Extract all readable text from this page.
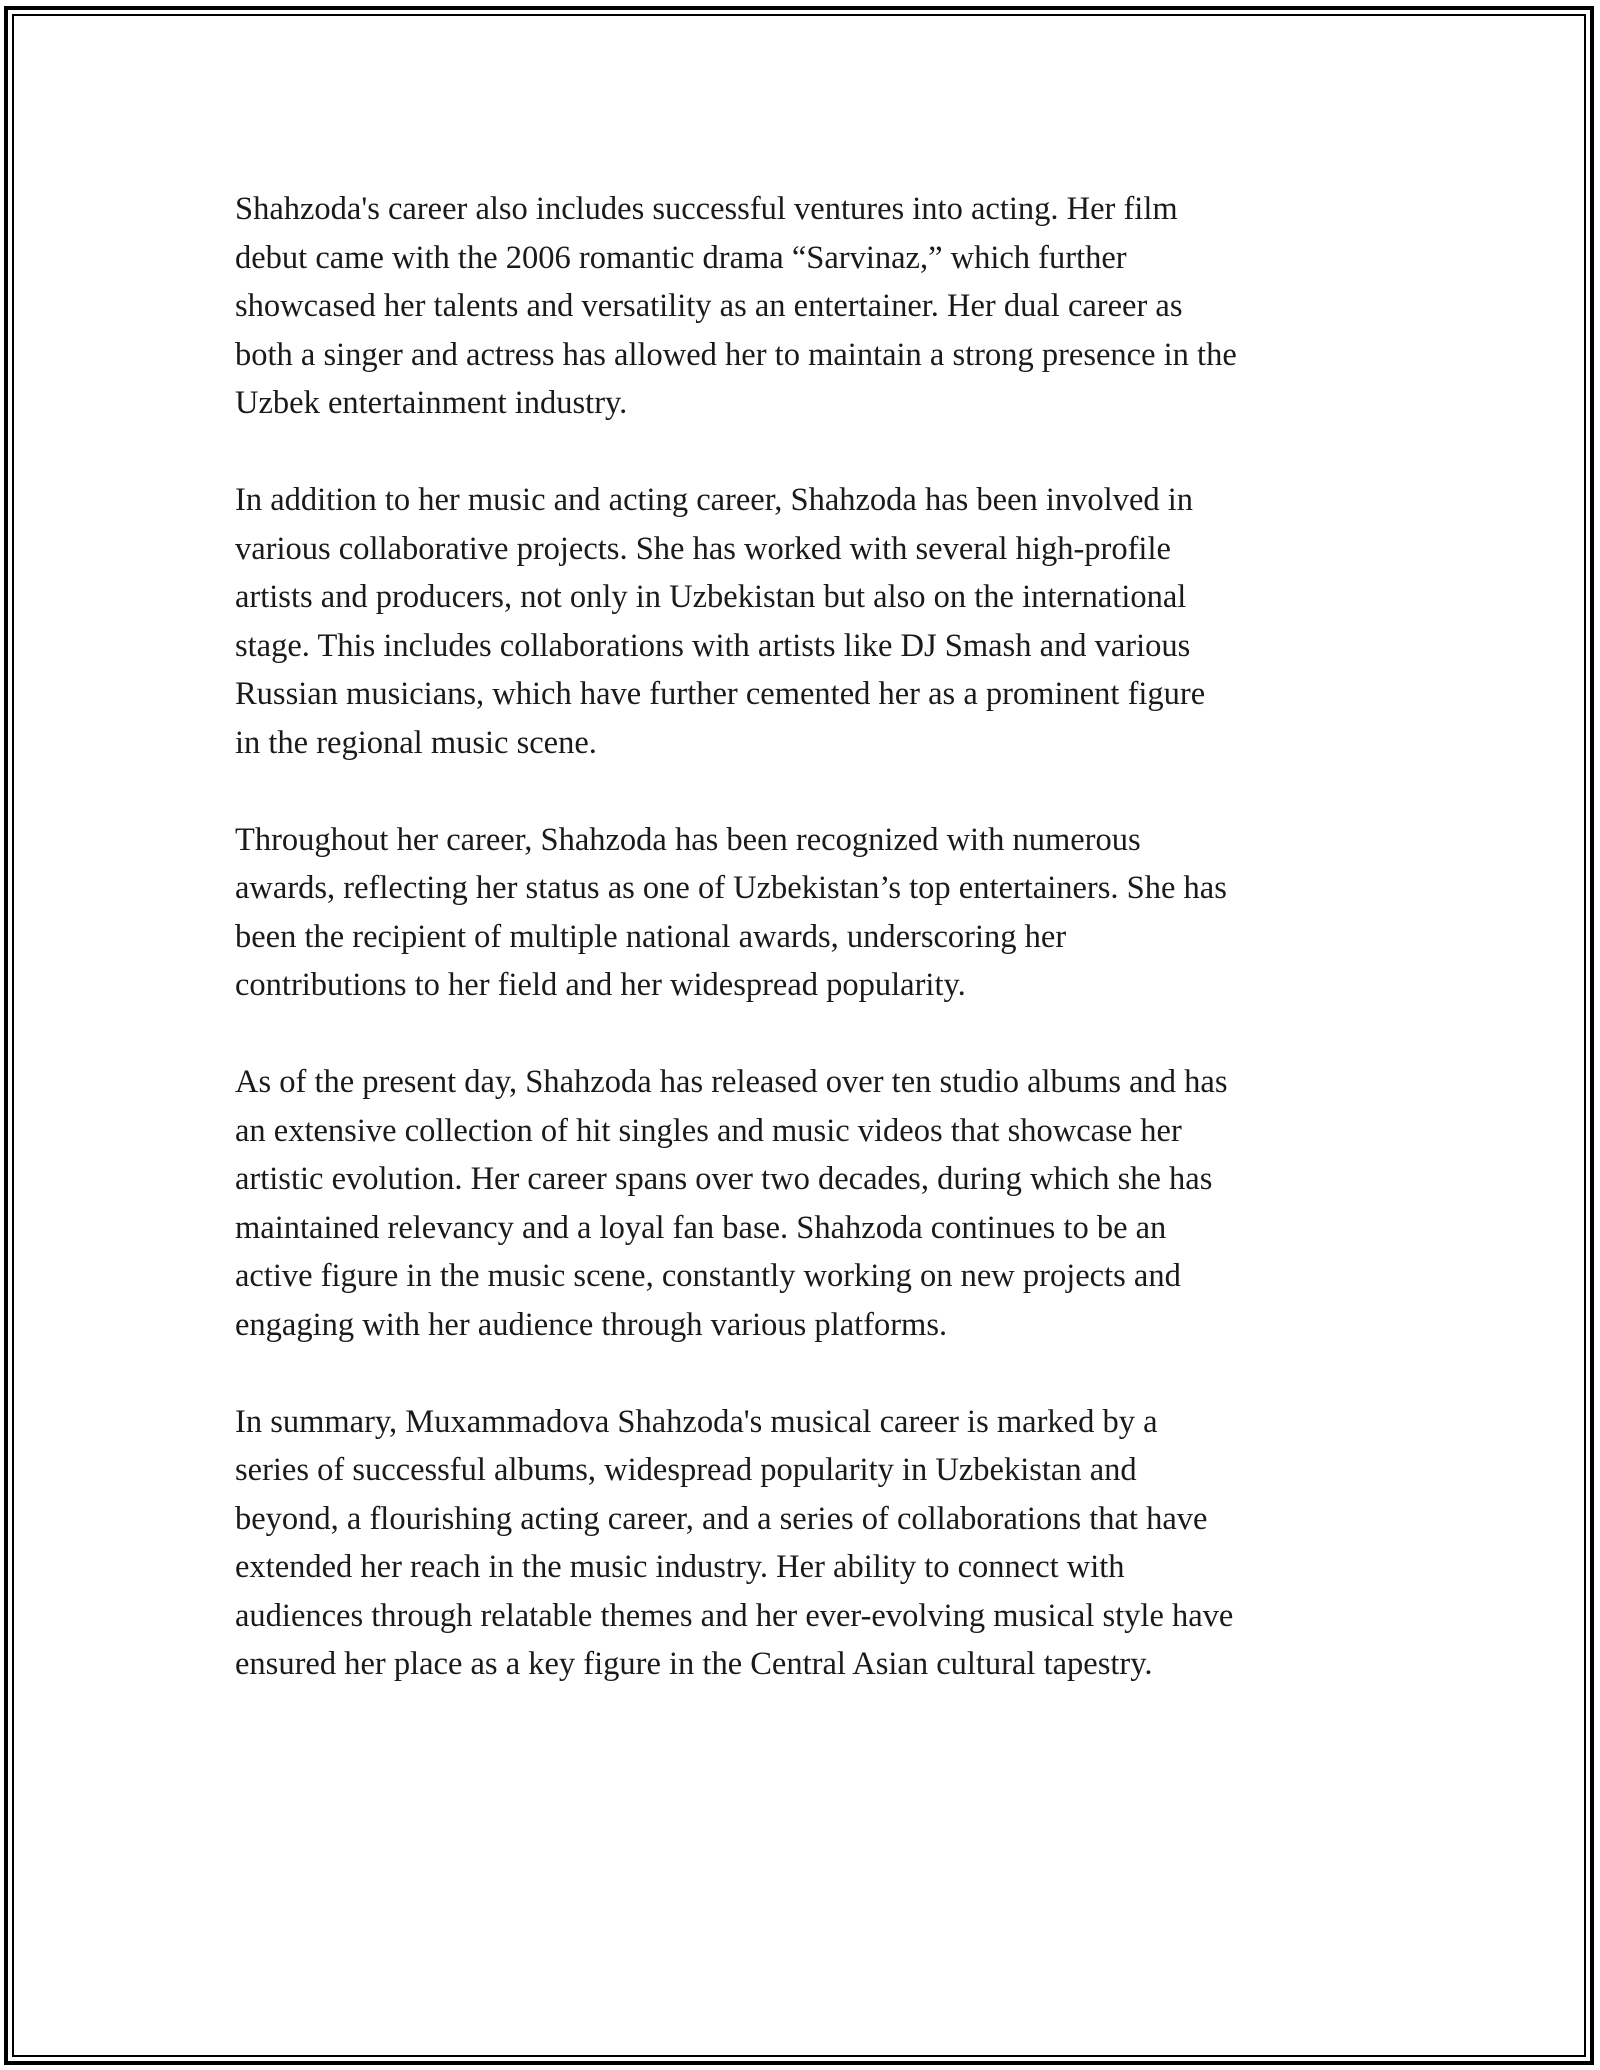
Shahzoda's career also includes successful ventures into acting. Her film
debut came with the 2006 romantic drama “Sarvinaz,” which further
showcased her talents and versatility as an entertainer. Her dual career as
both a singer and actress has allowed her to maintain a strong presence in the
Uzbek entertainment industry.

In addition to her music and acting career, Shahzoda has been involved in
various collaborative projects. She has worked with several high-profile
artists and producers, not only in Uzbekistan but also on the international
stage. This includes collaborations with artists like DJ Smash and various
Russian musicians, which have further cemented her as a prominent figure
in the regional music scene.

Throughout her career, Shahzoda has been recognized with numerous
awards, reflecting her status as one of Uzbekistan’s top entertainers. She has
been the recipient of multiple national awards, underscoring her
contributions to her field and her widespread popularity.

As of the present day, Shahzoda has released over ten studio albums and has
an extensive collection of hit singles and music videos that showcase her
artistic evolution. Her career spans over two decades, during which she has
maintained relevancy and a loyal fan base. Shahzoda continues to be an
active figure in the music scene, constantly working on new projects and
engaging with her audience through various platforms.

In summary, Muxammadova Shahzoda's musical career is marked by a
series of successful albums, widespread popularity in Uzbekistan and
beyond, a flourishing acting career, and a series of collaborations that have
extended her reach in the music industry. Her ability to connect with
audiences through relatable themes and her ever-evolving musical style have
ensured her place as a key figure in the Central Asian cultural tapestry.
